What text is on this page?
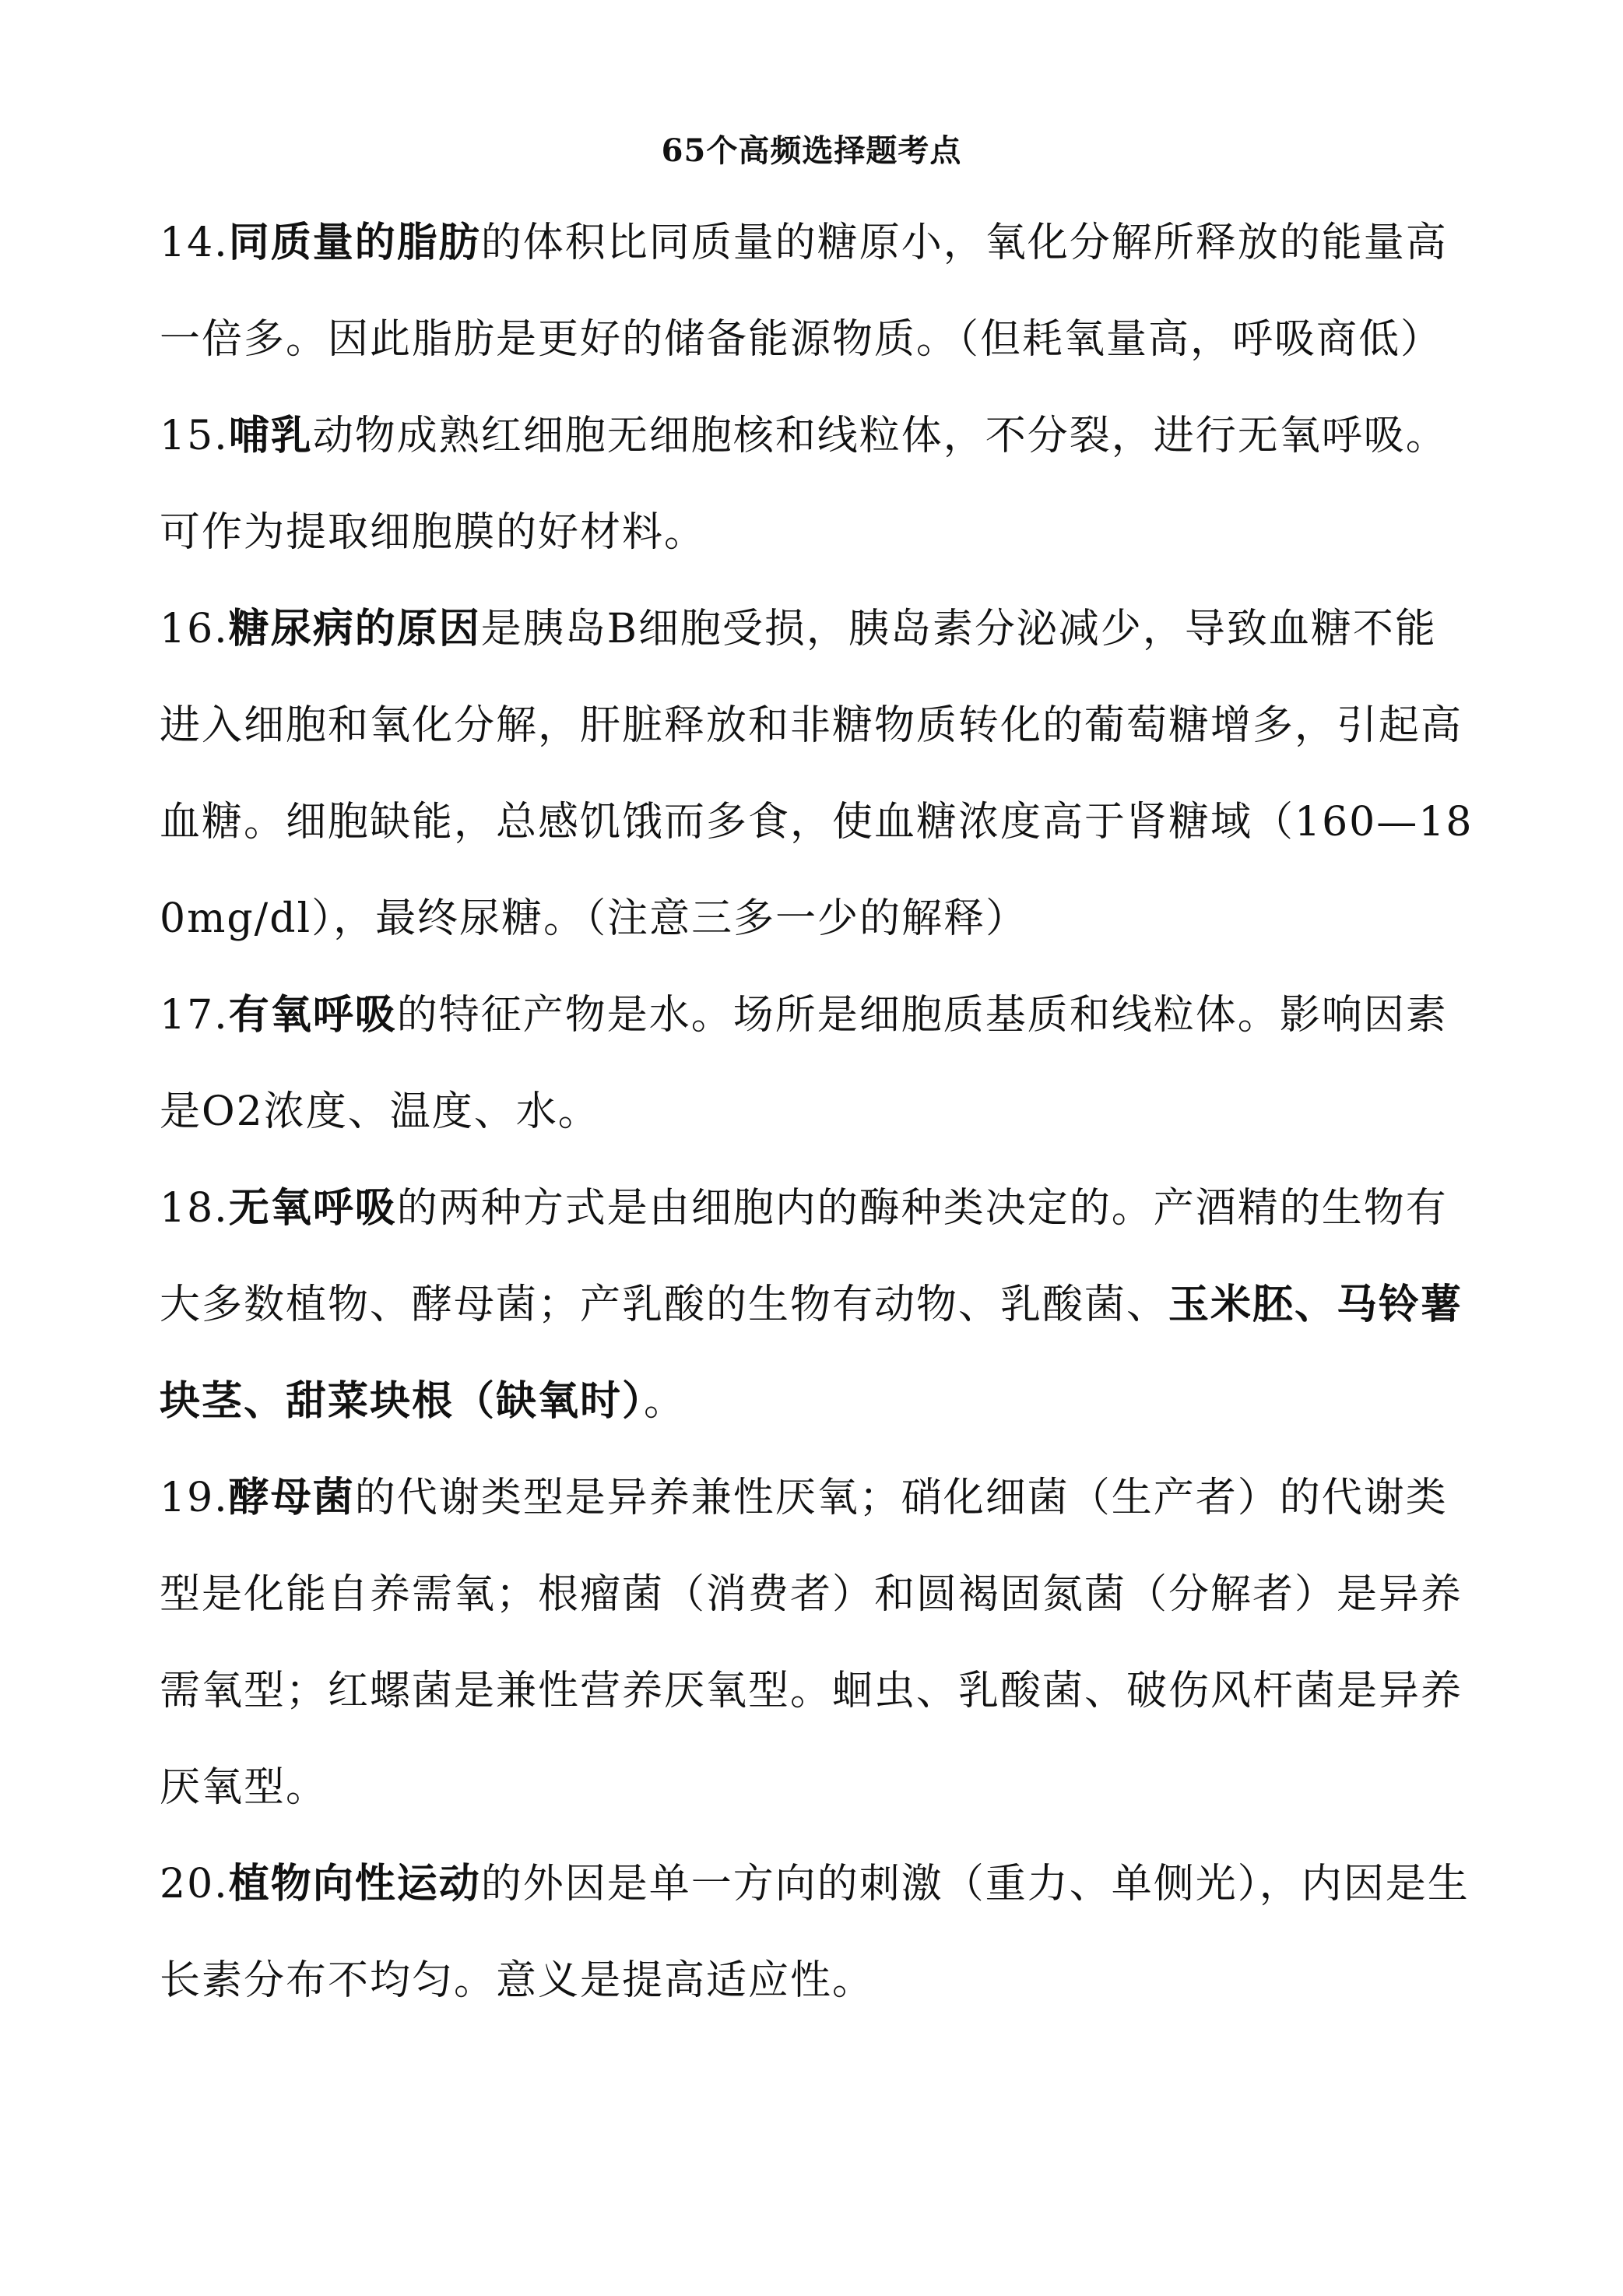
65个高频选择题考点

14.同质量的脂肪的体积比同质量的糖原小，氧化分解所释放的能量高一倍多。因此脂肪是更好的储备能源物质。（但耗氧量高，呼吸商低）

15.哺乳动物成熟红细胞无细胞核和线粒体，不分裂，进行无氧呼吸。可作为提取细胞膜的好材料。

16.糖尿病的原因是胰岛B细胞受损，胰岛素分泌减少，导致血糖不能进入细胞和氧化分解，肝脏释放和非糖物质转化的葡萄糖增多，引起高血糖。细胞缺能，总感饥饿而多食，使血糖浓度高于肾糖域（160—180mg/dl），最终尿糖。（注意三多一少的解释）

17.有氧呼吸的特征产物是水。场所是细胞质基质和线粒体。影响因素是O2浓度、温度、水。

18.无氧呼吸的两种方式是由细胞内的酶种类决定的。产酒精的生物有大多数植物、酵母菌；产乳酸的生物有动物、乳酸菌、玉米胚、马铃薯块茎、甜菜块根（缺氧时）。

19.酵母菌的代谢类型是异养兼性厌氧；硝化细菌（生产者）的代谢类型是化能自养需氧；根瘤菌（消费者）和圆褐固氮菌（分解者）是异养需氧型；红螺菌是兼性营养厌氧型。蛔虫、乳酸菌、破伤风杆菌是异养厌氧型。

20.植物向性运动的外因是单一方向的刺激（重力、单侧光），内因是生长素分布不均匀。意义是提高适应性。
